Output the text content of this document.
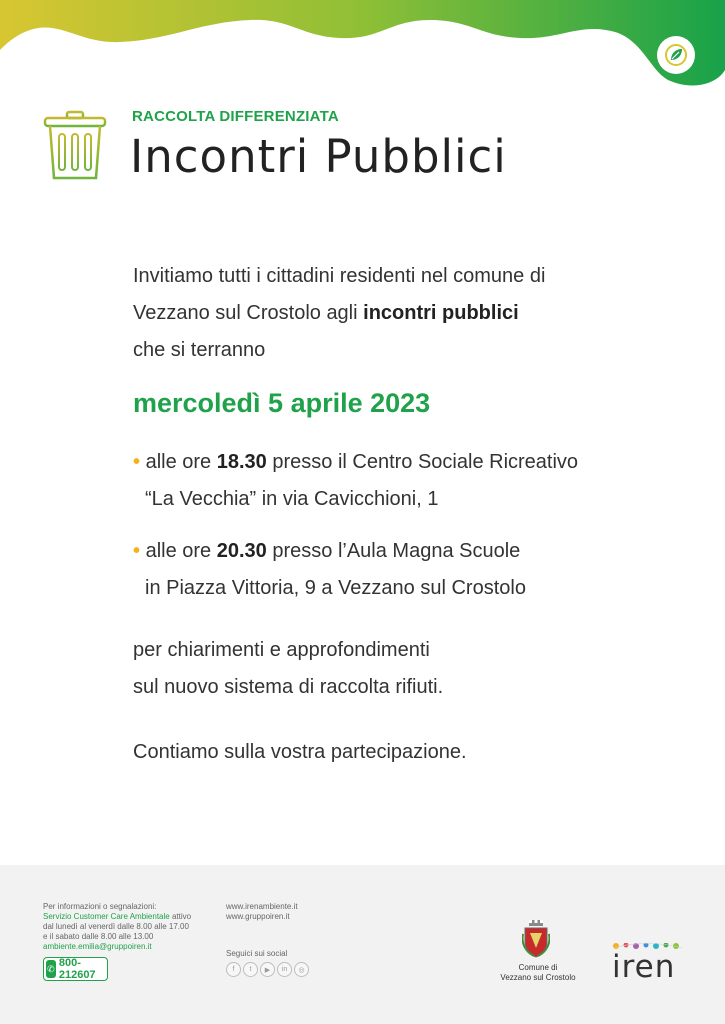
RACCOLTA DIFFERENZIATA
Incontri Pubblici
Invitiamo tutti i cittadini residenti nel comune di
Vezzano sul Crostolo agli incontri pubblici
che si terranno
mercoledì 5 aprile 2023
• alle ore 18.30 presso il Centro Sociale Ricreativo
“La Vecchia” in via Cavicchioni, 1
• alle ore 20.30 presso l’Aula Magna Scuole
in Piazza Vittoria, 9 a Vezzano sul Crostolo
per chiarimenti e approfondimenti
sul nuovo sistema di raccolta rifiuti.
Contiamo sulla vostra partecipazione.
Per informazioni o segnalazioni:
Servizio Customer Care Ambientale attivo
dal lunedì al venerdì dalle 8.00 alle 17.00
e il sabato dalle 8.00 alle 13.00
ambiente.emilia@gruppoiren.it
✆ 800-212607
www.irenambiente.it
www.gruppoiren.it
Seguici sui social
f	t	▶	in	◎	Comune di
Vezzano sul Crostolo	iren
